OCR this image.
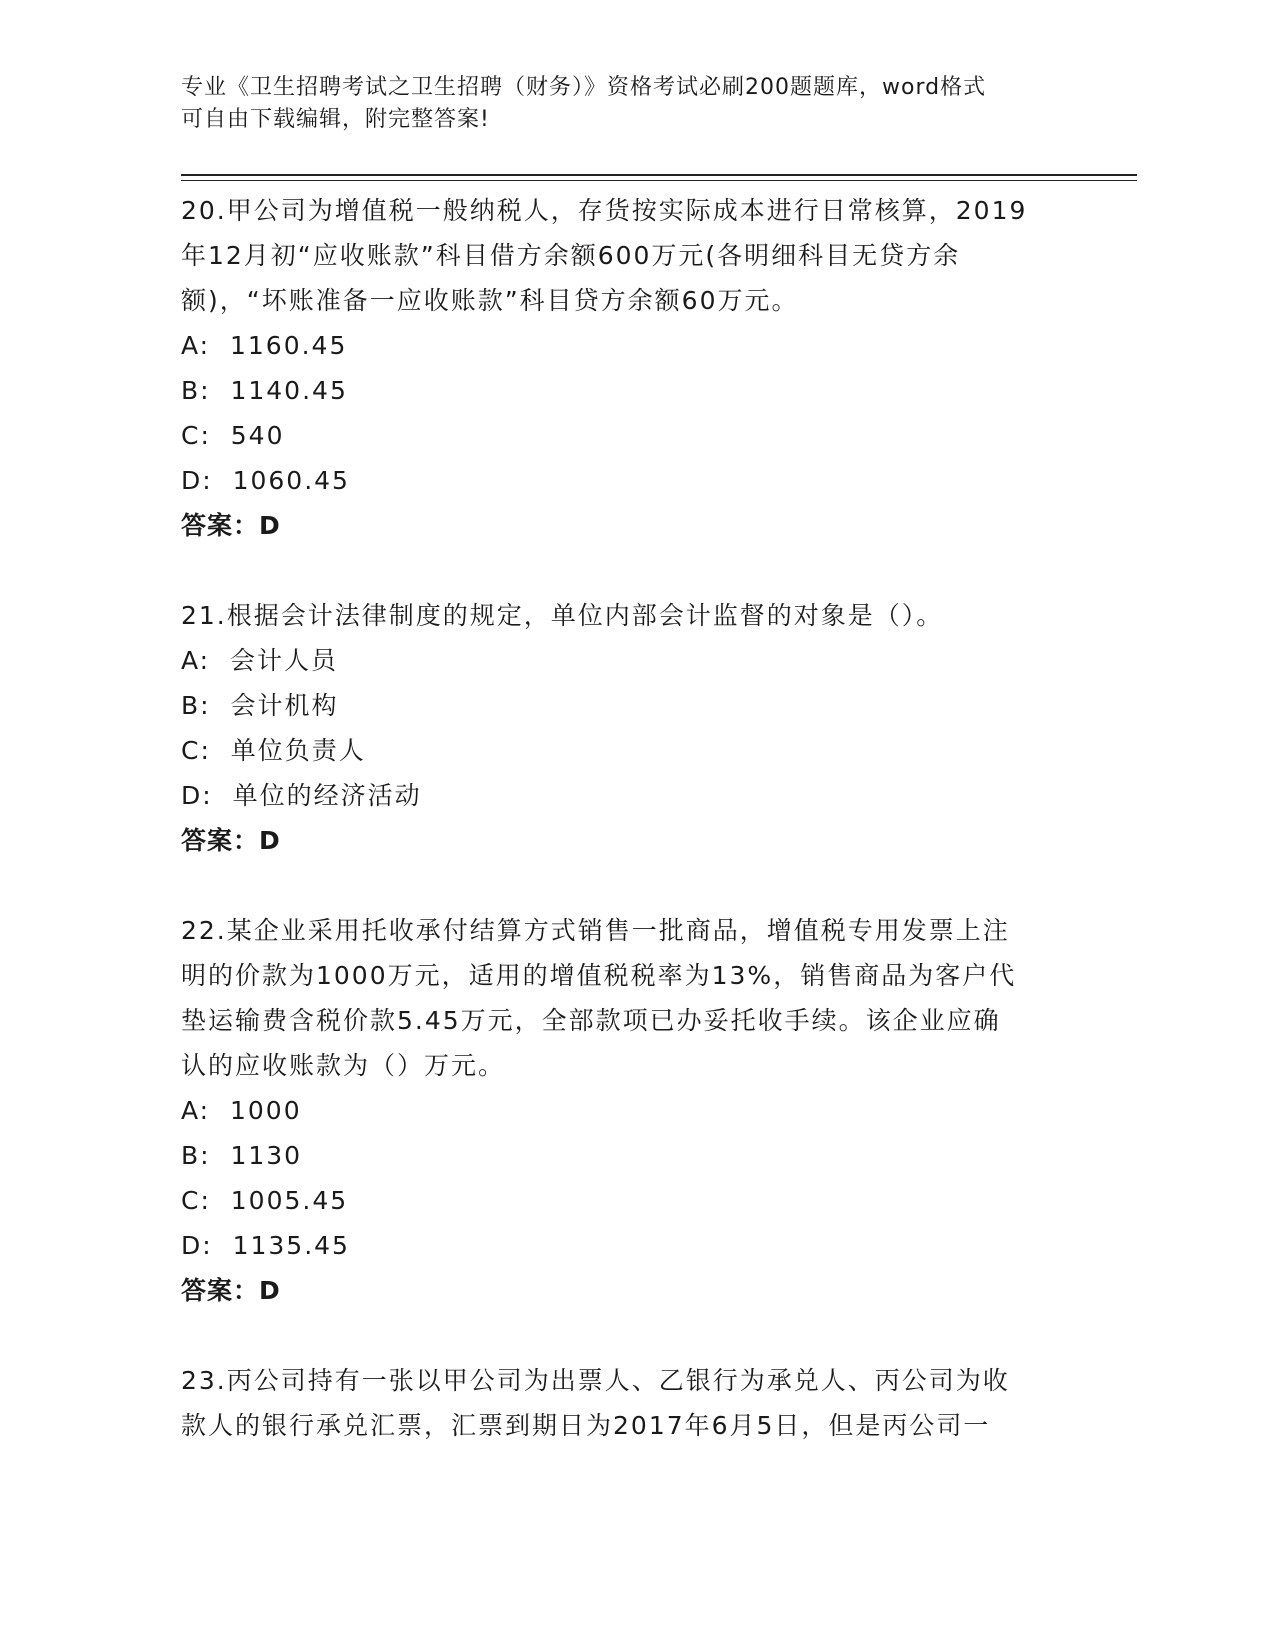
专业《卫生招聘考试之卫生招聘（财务）》资格考试必刷200题题库，word格式
可自由下载编辑，附完整答案!
20.甲公司为增值税一般纳税人，存货按实际成本进行日常核算，2019
年12月初“应收账款”科目借方余额600万元(各明细科目无贷方余
额)，“坏账准备一应收账款”科目贷方余额60万元。
A:  1160.45
B:  1140.45
C:  540
D:  1060.45
答案：D
21.根据会计法律制度的规定，单位内部会计监督的对象是（）。
A:  会计人员
B:  会计机构
C:  单位负责人
D:  单位的经济活动
答案：D
22.某企业采用托收承付结算方式销售一批商品，增值税专用发票上注
明的价款为1000万元，适用的增值税税率为13%，销售商品为客户代
垫运输费含税价款5.45万元，全部款项已办妥托收手续。该企业应确
认的应收账款为（）万元。
A:  1000
B:  1130
C:  1005.45
D:  1135.45
答案：D
23.丙公司持有一张以甲公司为出票人、乙银行为承兑人、丙公司为收
款人的银行承兑汇票，汇票到期日为2017年6月5日，但是丙公司一
